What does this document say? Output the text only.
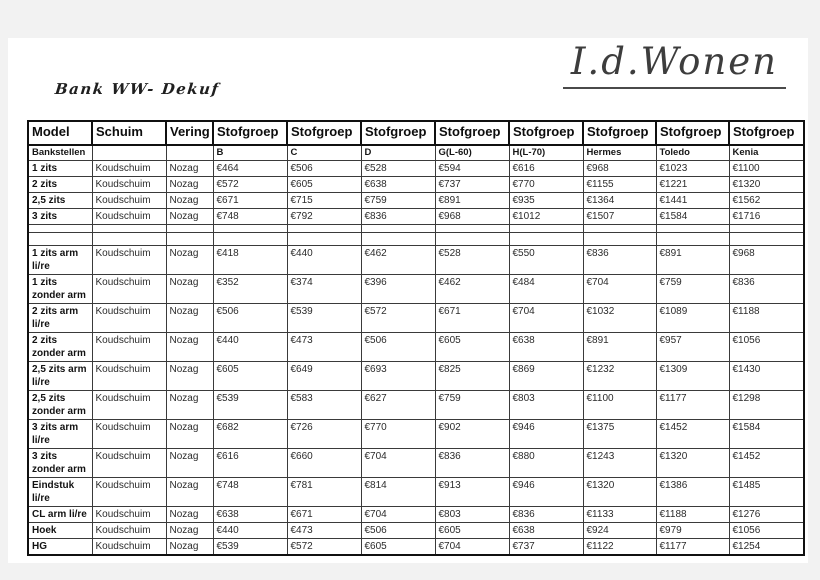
Bank WW- Dekuf
I.d.Wonen
Model	Schuim	Vering	Stofgroep	Stofgroep	Stofgroep	Stofgroep	Stofgroep	Stofgroep	Stofgroep	Stofgroep
Bankstellen			B	C	D	G(L-60)	H(L-70)	Hermes	Toledo	Kenia
1 zits	Koudschuim	Nozag	€464	€506	€528	€594	€616	€968	€1023	€1100
2 zits	Koudschuim	Nozag	€572	€605	€638	€737	€770	€1155	€1221	€1320
2,5 zits	Koudschuim	Nozag	€671	€715	€759	€891	€935	€1364	€1441	€1562
3 zits	Koudschuim	Nozag	€748	€792	€836	€968	€1012	€1507	€1584	€1716

1 zits arm li/re	Koudschuim	Nozag	€418	€440	€462	€528	€550	€836	€891	€968
1 zits zonder arm	Koudschuim	Nozag	€352	€374	€396	€462	€484	€704	€759	€836
2 zits arm li/re	Koudschuim	Nozag	€506	€539	€572	€671	€704	€1032	€1089	€1188
2 zits zonder arm	Koudschuim	Nozag	€440	€473	€506	€605	€638	€891	€957	€1056
2,5 zits arm li/re	Koudschuim	Nozag	€605	€649	€693	€825	€869	€1232	€1309	€1430
2,5 zits zonder arm	Koudschuim	Nozag	€539	€583	€627	€759	€803	€1100	€1177	€1298
3 zits arm li/re	Koudschuim	Nozag	€682	€726	€770	€902	€946	€1375	€1452	€1584
3 zits zonder arm	Koudschuim	Nozag	€616	€660	€704	€836	€880	€1243	€1320	€1452
Eindstuk li/re	Koudschuim	Nozag	€748	€781	€814	€913	€946	€1320	€1386	€1485
CL arm li/re	Koudschuim	Nozag	€638	€671	€704	€803	€836	€1133	€1188	€1276
Hoek	Koudschuim	Nozag	€440	€473	€506	€605	€638	€924	€979	€1056
HG	Koudschuim	Nozag	€539	€572	€605	€704	€737	€1122	€1177	€1254
